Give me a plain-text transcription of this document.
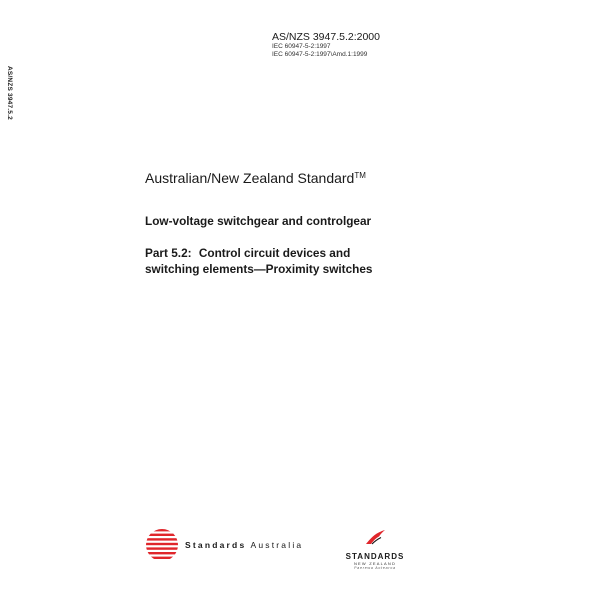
AS/NZS 3947.5.2
AS/NZS 3947.5.2:2000
IEC 60947-5-2:1997
IEC 60947-5-2:1997\Amd.1:1999
Australian/New Zealand Standard™
Low-voltage switchgear and controlgear
Part 5.2: Control circuit devices and
switching elements—Proximity switches
Standards Australia
STANDARDS
NEW ZEALAND
Paerewa Aotearoa
